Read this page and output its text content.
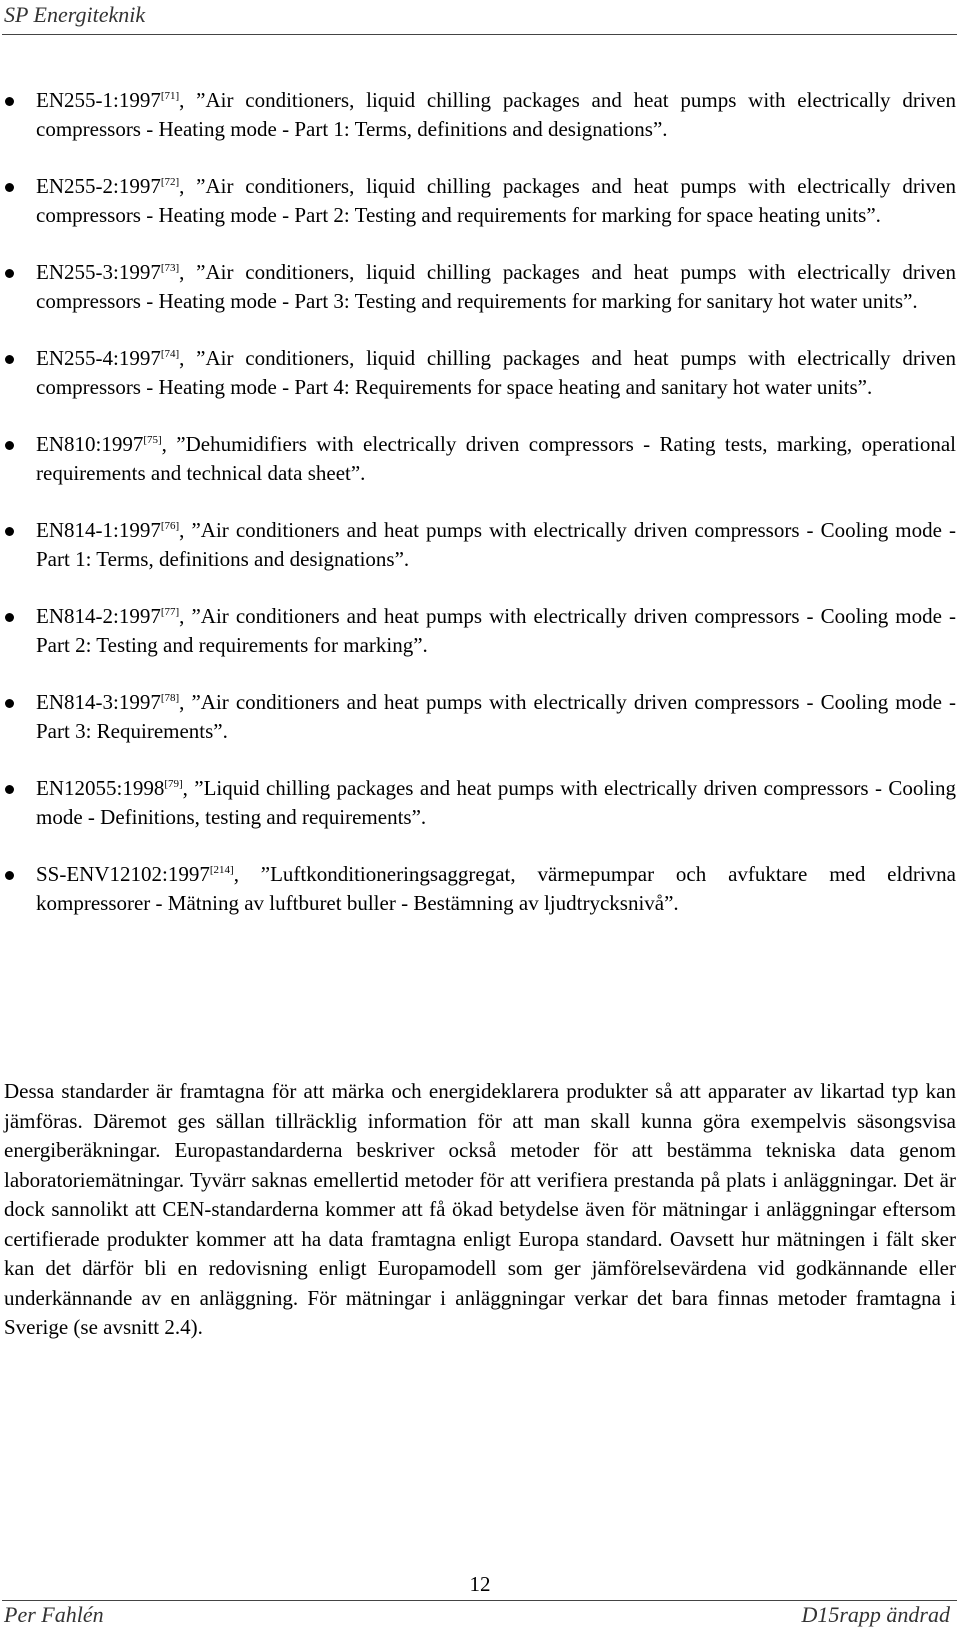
SP Energiteknik
EN255-1:1997[71], ”Air conditioners, liquid chilling packages and heat pumps with electrically driven compressors - Heating mode - Part 1: Terms, definitions and designations”.
EN255-2:1997[72], ”Air conditioners, liquid chilling packages and heat pumps with electrically driven compressors - Heating mode - Part 2: Testing and requirements for marking for space heating units”.
EN255-3:1997[73], ”Air conditioners, liquid chilling packages and heat pumps with electrically driven compressors - Heating mode - Part 3: Testing and requirements for marking for sanitary hot water units”.
EN255-4:1997[74], ”Air conditioners, liquid chilling packages and heat pumps with electrically driven compressors - Heating mode - Part 4: Requirements for space heating and sanitary hot water units”.
EN810:1997[75], ”Dehumidifiers with electrically driven compressors - Rating tests, marking, operational requirements and technical data sheet”.
EN814-1:1997[76], ”Air conditioners and heat pumps with electrically driven compressors - Cooling mode - Part 1: Terms, definitions and designations”.
EN814-2:1997[77], ”Air conditioners and heat pumps with electrically driven compressors - Cooling mode - Part 2: Testing and requirements for marking”.
EN814-3:1997[78], ”Air conditioners and heat pumps with electrically driven compressors - Cooling mode - Part 3: Requirements”.
EN12055:1998[79], ”Liquid chilling packages and heat pumps with electrically driven compressors - Cooling mode - Definitions, testing and requirements”.
SS-ENV12102:1997[214], ”Luftkonditioneringsaggregat, värmepumpar och avfuktare med eldrivna kompressorer - Mätning av luftburet buller - Bestämning av ljudtrycksnivå”.

Dessa standarder är framtagna för att märka och energideklarera produkter så att apparater av likartad typ kan jämföras. Däremot ges sällan tillräcklig information för att man skall kunna göra exempelvis säsongsvisa energiberäkningar. Europastandarderna beskriver också metoder för att bestämma tekniska data genom laboratoriemätningar. Tyvärr saknas emellertid metoder för att verifiera prestanda på plats i anläggningar. Det är dock sannolikt att CEN-standarderna kommer att få ökad betydelse även för mätningar i anläggningar eftersom certifierade produkter kommer att ha data framtagna enligt Europa standard. Oavsett hur mätningen i fält sker kan det därför bli en redovisning enligt Europamodell som ger jämförelsevärdena vid godkännande eller underkännande av en anläggning. För mätningar i anläggningar verkar det bara finnas metoder framtagna i Sverige (se avsnitt 2.4).

12
Per Fahlén	D15rapp ändrad
